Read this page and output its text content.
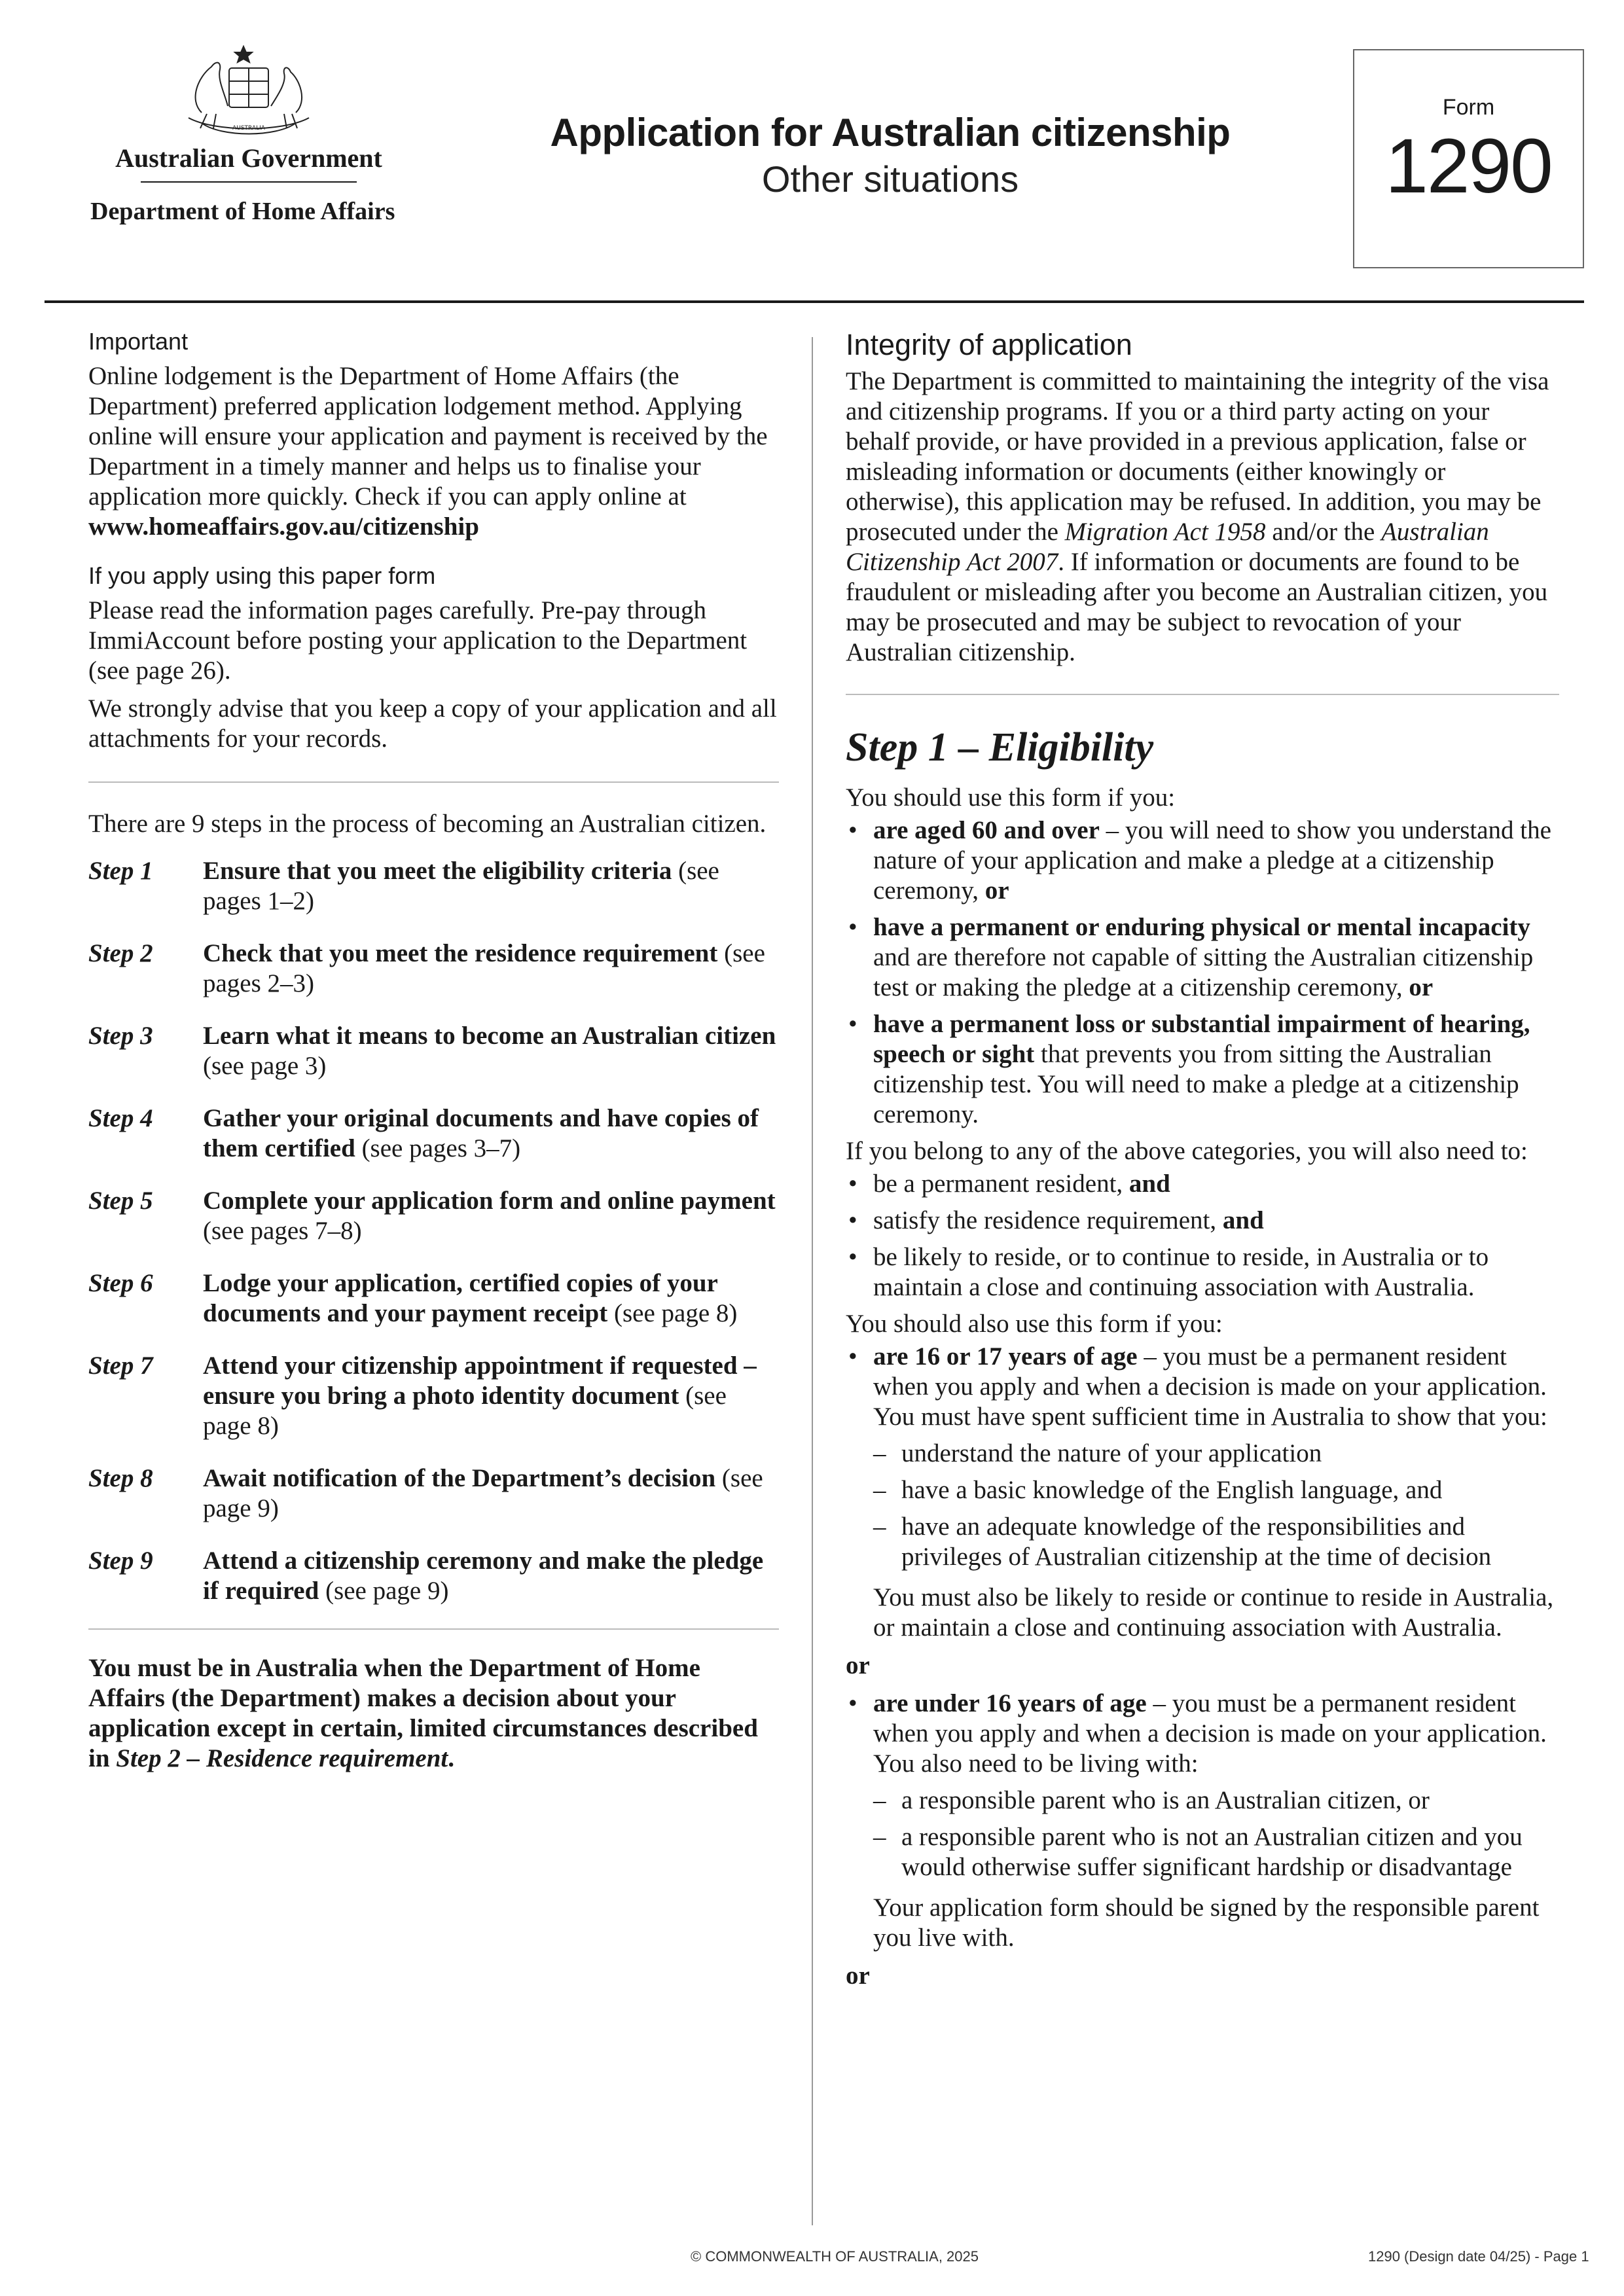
AUSTRALIA
Australian Government
Department of Home Affairs
Application for Australian citizenship
Other situations
Form
1290

Important

Online lodgement is the Department of Home Affairs (the Department) preferred application lodgement method. Applying online will ensure your application and payment is received by the Department in a timely manner and helps us to finalise your application more quickly. Check if you can apply online at www.homeaffairs.gov.au/citizenship

If you apply using this paper form

Please read the information pages carefully. Pre-pay through ImmiAccount before posting your application to the Department (see page 26).

We strongly advise that you keep a copy of your application and all attachments for your records.

There are 9 steps in the process of becoming an Australian citizen.

Step 1	Ensure that you meet the eligibility criteria (see pages 1–2)
Step 2	Check that you meet the residence requirement (see pages 2–3)
Step 3	Learn what it means to become an Australian citizen (see page 3)
Step 4	Gather your original documents and have copies of them certified (see pages 3–7)
Step 5	Complete your application form and online payment (see pages 7–8)
Step 6	Lodge your application, certified copies of your documents and your payment receipt (see page 8)
Step 7	Attend your citizenship appointment if requested – ensure you bring a photo identity document (see page 8)
Step 8	Await notification of the Department’s decision (see page 9)
Step 9	Attend a citizenship ceremony and make the pledge if required (see page 9)

You must be in Australia when the Department of Home Affairs (the Department) makes a decision about your application except in certain, limited circumstances described in Step 2 – Residence requirement.

Integrity of application

The Department is committed to maintaining the integrity of the visa and citizenship programs. If you or a third party acting on your behalf provide, or have provided in a previous application, false or misleading information or documents (either knowingly or otherwise), this application may be refused. In addition, you may be prosecuted under the Migration Act 1958 and/or the Australian Citizenship Act 2007. If information or documents are found to be fraudulent or misleading after you become an Australian citizen, you may be prosecuted and may be subject to revocation of your Australian citizenship.

Step 1 – Eligibility

You should use this form if you:

• are aged 60 and over – you will need to show you understand the nature of your application and make a pledge at a citizenship ceremony, or
• have a permanent or enduring physical or mental incapacity and are therefore not capable of sitting the Australian citizenship test or making the pledge at a citizenship ceremony, or
• have a permanent loss or substantial impairment of hearing, speech or sight that prevents you from sitting the Australian citizenship test. You will need to make a pledge at a citizenship ceremony.

If you belong to any of the above categories, you will also need to:

• be a permanent resident, and
• satisfy the residence requirement, and
• be likely to reside, or to continue to reside, in Australia or to maintain a close and continuing association with Australia.

You should also use this form if you:

• are 16 or 17 years of age – you must be a permanent resident when you apply and when a decision is made on your application. You must have spent sufficient time in Australia to show that you:
– understand the nature of your application
– have a basic knowledge of the English language, and
– have an adequate knowledge of the responsibilities and privileges of Australian citizenship at the time of decision

You must also be likely to reside or continue to reside in Australia, or maintain a close and continuing association with Australia.

or

• are under 16 years of age – you must be a permanent resident when you apply and when a decision is made on your application. You also need to be living with:
– a responsible parent who is an Australian citizen, or
– a responsible parent who is not an Australian citizen and you would otherwise suffer significant hardship or disadvantage

Your application form should be signed by the responsible parent you live with.

or

© COMMONWEALTH OF AUSTRALIA, 2025	1290 (Design date 04/25) - Page 1
